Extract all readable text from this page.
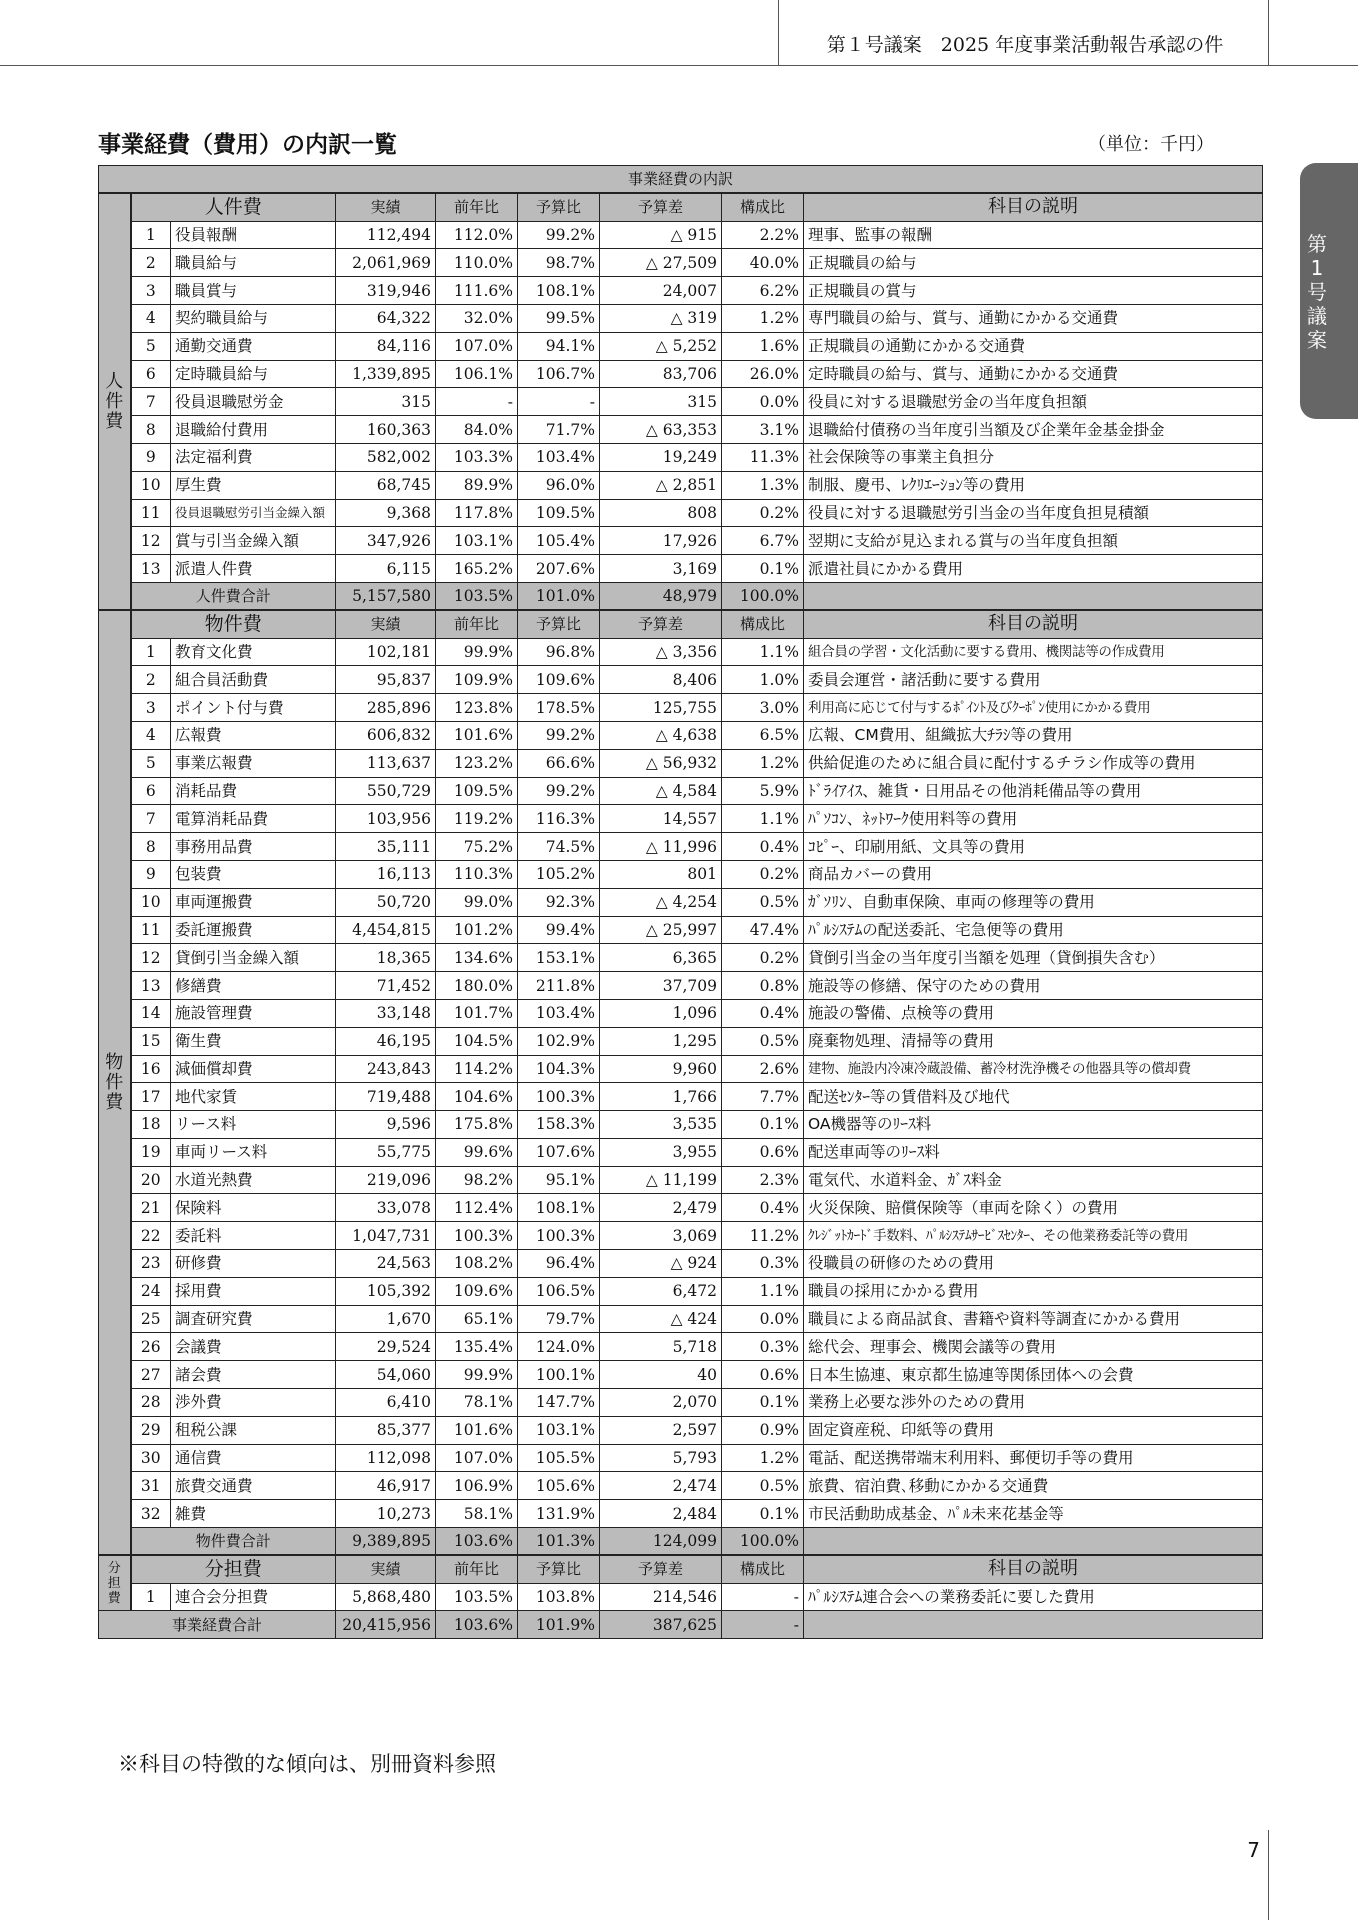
第１号議案　2025 年度事業活動報告承認の件
第
1
号
議
案
事業経費（費用）の内訳一覧	（単位：千円）
事業経費の内訳								

人
件
費	人件費		実績	前年比	予算比	予算差	構成比	科目の説明
	1	役員報酬	112,494	112.0%	99.2%	△ 915	2.2%	理事、監事の報酬
	2	職員給与	2,061,969	110.0%	98.7%	△ 27,509	40.0%	正規職員の給与
	3	職員賞与	319,946	111.6%	108.1%	24,007	6.2%	正規職員の賞与
	4	契約職員給与	64,322	32.0%	99.5%	△ 319	1.2%	専門職員の給与、賞与、通勤にかかる交通費
	5	通勤交通費	84,116	107.0%	94.1%	△ 5,252	1.6%	正規職員の通勤にかかる交通費
	6	定時職員給与	1,339,895	106.1%	106.7%	83,706	26.0%	定時職員の給与、賞与、通勤にかかる交通費
	7	役員退職慰労金	315	-	-	315	0.0%	役員に対する退職慰労金の当年度負担額
	8	退職給付費用	160,363	84.0%	71.7%	△ 63,353	3.1%	退職給付債務の当年度引当額及び企業年金基金掛金
	9	法定福利費	582,002	103.3%	103.4%	19,249	11.3%	社会保険等の事業主負担分
	10	厚生費	68,745	89.9%	96.0%	△ 2,851	1.3%	制服、慶弔、ﾚｸﾘｴｰｼｮﾝ等の費用
	11	役員退職慰労引当金繰入額	9,368	117.8%	109.5%	808	0.2%	役員に対する退職慰労引当金の当年度負担見積額
	12	賞与引当金繰入額	347,926	103.1%	105.4%	17,926	6.7%	翌期に支給が見込まれる賞与の当年度負担額
	13	派遣人件費	6,115	165.2%	207.6%	3,169	0.1%	派遣社員にかかる費用
	人件費合計		5,157,580	103.5%	101.0%	48,979	100.0%	

物
件
費	物件費		実績	前年比	予算比	予算差	構成比	科目の説明
	1	教育文化費	102,181	99.9%	96.8%	△ 3,356	1.1%	組合員の学習・文化活動に要する費用、機関誌等の作成費用
	2	組合員活動費	95,837	109.9%	109.6%	8,406	1.0%	委員会運営・諸活動に要する費用
	3	ポイント付与費	285,896	123.8%	178.5%	125,755	3.0%	利用高に応じて付与するﾎﾟｲﾝﾄ及びｸｰﾎﾟﾝ使用にかかる費用
	4	広報費	606,832	101.6%	99.2%	△ 4,638	6.5%	広報、CM費用、組織拡大ﾁﾗｼ等の費用
	5	事業広報費	113,637	123.2%	66.6%	△ 56,932	1.2%	供給促進のために組合員に配付するチラシ作成等の費用
	6	消耗品費	550,729	109.5%	99.2%	△ 4,584	5.9%	ﾄﾞﾗｲｱｲｽ、雑貨・日用品その他消耗備品等の費用
	7	電算消耗品費	103,956	119.2%	116.3%	14,557	1.1%	ﾊﾟｿｺﾝ、ﾈｯﾄﾜｰｸ使用料等の費用
	8	事務用品費	35,111	75.2%	74.5%	△ 11,996	0.4%	ｺﾋﾟｰ、印刷用紙、文具等の費用
	9	包装費	16,113	110.3%	105.2%	801	0.2%	商品カバーの費用
	10	車両運搬費	50,720	99.0%	92.3%	△ 4,254	0.5%	ｶﾞｿﾘﾝ、自動車保険、車両の修理等の費用
	11	委託運搬費	4,454,815	101.2%	99.4%	△ 25,997	47.4%	ﾊﾟﾙｼｽﾃﾑの配送委託、宅急便等の費用
	12	貸倒引当金繰入額	18,365	134.6%	153.1%	6,365	0.2%	貸倒引当金の当年度引当額を処理（貸倒損失含む）
	13	修繕費	71,452	180.0%	211.8%	37,709	0.8%	施設等の修繕、保守のための費用
	14	施設管理費	33,148	101.7%	103.4%	1,096	0.4%	施設の警備、点検等の費用
	15	衛生費	46,195	104.5%	102.9%	1,295	0.5%	廃棄物処理、清掃等の費用
	16	減価償却費	243,843	114.2%	104.3%	9,960	2.6%	建物、施設内冷凍冷蔵設備、蓄冷材洗浄機その他器具等の償却費
	17	地代家賃	719,488	104.6%	100.3%	1,766	7.7%	配送ｾﾝﾀｰ等の賃借料及び地代
	18	リース料	9,596	175.8%	158.3%	3,535	0.1%	OA機器等のﾘｰｽ料
	19	車両リース料	55,775	99.6%	107.6%	3,955	0.6%	配送車両等のﾘｰｽ料
	20	水道光熱費	219,096	98.2%	95.1%	△ 11,199	2.3%	電気代、水道料金、ｶﾞｽ料金
	21	保険料	33,078	112.4%	108.1%	2,479	0.4%	火災保険、賠償保険等（車両を除く）の費用
	22	委託料	1,047,731	100.3%	100.3%	3,069	11.2%	ｸﾚｼﾞｯﾄｶｰﾄﾞ手数料、ﾊﾟﾙｼｽﾃﾑｻｰﾋﾞｽｾﾝﾀｰ、その他業務委託等の費用
	23	研修費	24,563	108.2%	96.4%	△ 924	0.3%	役職員の研修のための費用
	24	採用費	105,392	109.6%	106.5%	6,472	1.1%	職員の採用にかかる費用
	25	調査研究費	1,670	65.1%	79.7%	△ 424	0.0%	職員による商品試食、書籍や資料等調査にかかる費用
	26	会議費	29,524	135.4%	124.0%	5,718	0.3%	総代会、理事会、機関会議等の費用
	27	諸会費	54,060	99.9%	100.1%	40	0.6%	日本生協連、東京都生協連等関係団体への会費
	28	渉外費	6,410	78.1%	147.7%	2,070	0.1%	業務上必要な渉外のための費用
	29	租税公課	85,377	101.6%	103.1%	2,597	0.9%	固定資産税、印紙等の費用
	30	通信費	112,098	107.0%	105.5%	5,793	1.2%	電話、配送携帯端末利用料、郵便切手等の費用
	31	旅費交通費	46,917	106.9%	105.6%	2,474	0.5%	旅費、宿泊費､移動にかかる交通費
	32	雑費	10,273	58.1%	131.9%	2,484	0.1%	市民活動助成基金、ﾊﾟﾙ未来花基金等
	物件費合計		9,389,895	103.6%	101.3%	124,099	100.0%	

分
担
費	分担費		実績	前年比	予算比	予算差	構成比	科目の説明
	1	連合会分担費	5,868,480	103.5%	103.8%	214,546	-	ﾊﾟﾙｼｽﾃﾑ連合会への業務委託に要した費用
事業経費合計			20,415,956	103.6%	101.9%	387,625	-	
※科目の特徴的な傾向は、別冊資料参照
7
